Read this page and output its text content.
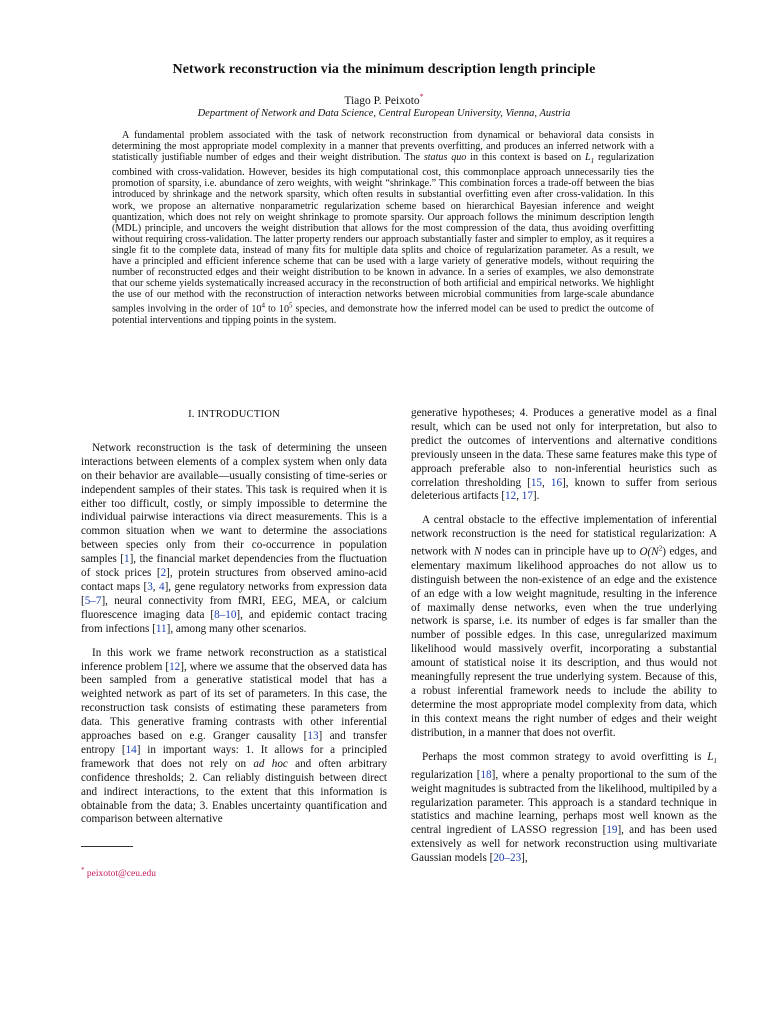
Network reconstruction via the minimum description length principle
Tiago P. Peixoto*
Department of Network and Data Science, Central European University, Vienna, Austria
A fundamental problem associated with the task of network reconstruction from dynamical or behavioral data consists in determining the most appropriate model complexity in a manner that prevents overfitting, and produces an inferred network with a statistically justifiable number of edges and their weight distribution. The status quo in this context is based on $L_1$ regularization combined with cross-validation. However, besides its high computational cost, this commonplace approach unnecessarily ties the promotion of sparsity, i.e. abundance of zero weights, with weight “shrinkage.” This combination forces a trade-off between the bias introduced by shrinkage and the network sparsity, which often results in substantial overfitting even after cross-validation. In this work, we propose an alternative nonparametric regularization scheme based on hierarchical Bayesian inference and weight quantization, which does not rely on weight shrinkage to promote sparsity. Our approach follows the minimum description length (MDL) principle, and uncovers the weight distribution that allows for the most compression of the data, thus avoiding overfitting without requiring cross-validation. The latter property renders our approach substantially faster and simpler to employ, as it requires a single fit to the complete data, instead of many fits for multiple data splits and choice of regularization parameter. As a result, we have a principled and efficient inference scheme that can be used with a large variety of generative models, without requiring the number of reconstructed edges and their weight distribution to be known in advance. In a series of examples, we also demonstrate that our scheme yields systematically increased accuracy in the reconstruction of both artificial and empirical networks. We highlight the use of our method with the reconstruction of interaction networks between microbial communities from large-scale abundance samples involving in the order of $10^4$ to $10^5$ species, and demonstrate how the inferred model can be used to predict the outcome of potential interventions and tipping points in the system.
I. INTRODUCTION

Network reconstruction is the task of determining the unseen interactions between elements of a complex system when only data on their behavior are available—usually consisting of time-series or independent samples of their states. This task is required when it is either too difficult, costly, or simply impossible to determine the individual pairwise interactions via direct measurements. This is a common situation when we want to determine the associations between species only from their co-occurrence in population samples [1], the financial market dependencies from the fluctuation of stock prices [2], protein structures from observed amino-acid contact maps [3, 4], gene regulatory networks from expression data [5–7], neural connectivity from fMRI, EEG, MEA, or calcium fluorescence imaging data [8–10], and epidemic contact tracing from infections [11], among many other scenarios.

In this work we frame network reconstruction as a statistical inference problem [12], where we assume that the observed data has been sampled from a generative statistical model that has a weighted network as part of its set of parameters. In this case, the reconstruction task consists of estimating these parameters from data. This generative framing contrasts with other inferential approaches based on e.g. Granger causality [13] and transfer entropy [14] in important ways: 1. It allows for a principled framework that does not rely on ad hoc and often arbitrary confidence thresholds; 2. Can reliably distinguish between direct and indirect interactions, to the extent that this information is obtainable from the data; 3. Enables uncertainty quantification and comparison between alternative

generative hypotheses; 4. Produces a generative model as a final result, which can be used not only for interpretation, but also to predict the outcomes of interventions and alternative conditions previously unseen in the data. These same features make this type of approach preferable also to non-inferential heuristics such as correlation thresholding [15, 16], known to suffer from serious deleterious artifacts [12, 17].

A central obstacle to the effective implementation of inferential network reconstruction is the need for statistical regularization: A network with N nodes can in principle have up to $O(N^2)$ edges, and elementary maximum likelihood approaches do not allow us to distinguish between the non-existence of an edge and the existence of an edge with a low weight magnitude, resulting in the inference of maximally dense networks, even when the true underlying network is sparse, i.e. its number of edges is far smaller than the number of possible edges. In this case, unregularized maximum likelihood would massively overfit, incorporating a substantial amount of statistical noise it its description, and thus would not meaningfully represent the true underlying system. Because of this, a robust inferential framework needs to include the ability to determine the most appropriate model complexity from data, which in this context means the right number of edges and their weight distribution, in a manner that does not overfit.

Perhaps the most common strategy to avoid overfitting is $L_1$ regularization [18], where a penalty proportional to the sum of the weight magnitudes is subtracted from the likelihood, multipiled by a regularization parameter. This approach is a standard technique in statistics and machine learning, perhaps most well known as the central ingredient of LASSO regression [19], and has been used extensively as well for network reconstruction using multivariate Gaussian models [20–23],

* peixotot@ceu.edu
